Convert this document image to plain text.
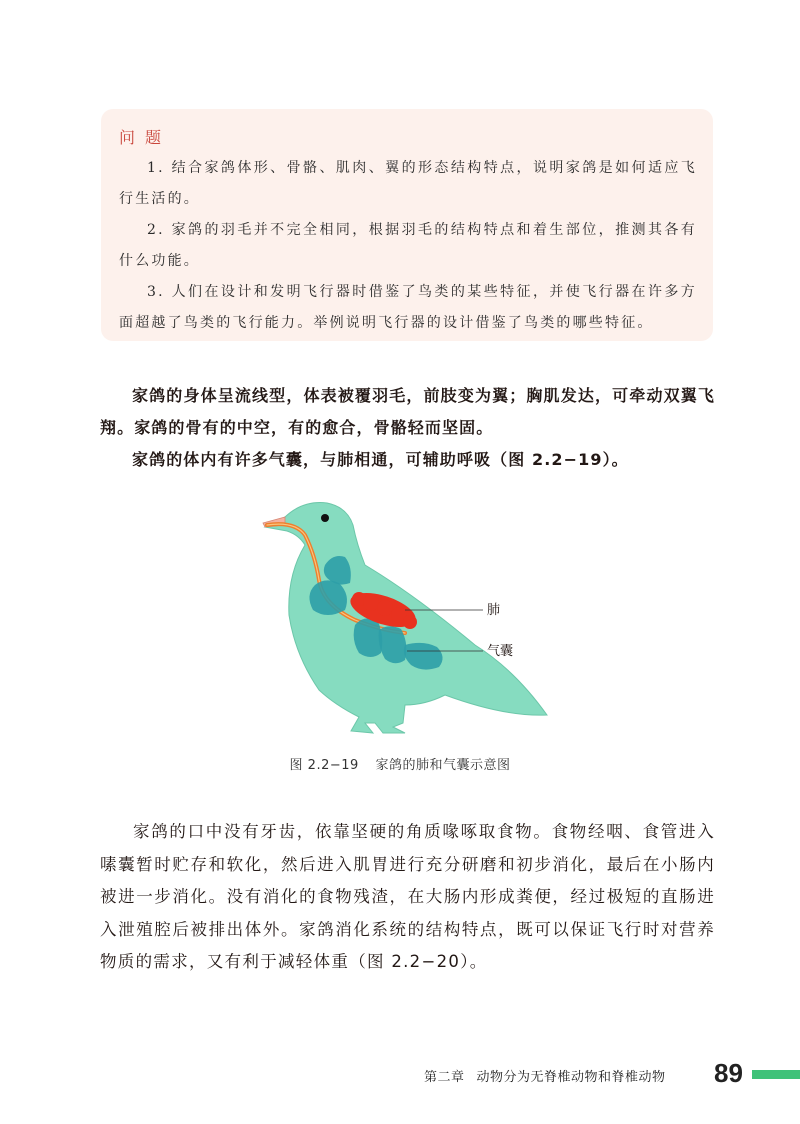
问题

1. 结合家鸽体形、骨骼、肌肉、翼的形态结构特点，说明家鸽是如何适应飞行生活的。

2. 家鸽的羽毛并不完全相同，根据羽毛的结构特点和着生部位，推测其各有什么功能。

3. 人们在设计和发明飞行器时借鉴了鸟类的某些特征，并使飞行器在许多方面超越了鸟类的飞行能力。举例说明飞行器的设计借鉴了鸟类的哪些特征。

家鸽的身体呈流线型，体表被覆羽毛，前肢变为翼；胸肌发达，可牵动双翼飞翔。家鸽的骨有的中空，有的愈合，骨骼轻而坚固。

家鸽的体内有许多气囊，与肺相通，可辅助呼吸（图 2.2−19）。

肺
气囊
图 2.2−19 家鸽的肺和气囊示意图

家鸽的口中没有牙齿，依靠坚硬的角质喙啄取食物。食物经咽、食管进入嗉囊暂时贮存和软化，然后进入肌胃进行充分研磨和初步消化，最后在小肠内被进一步消化。没有消化的食物残渣，在大肠内形成粪便，经过极短的直肠进入泄殖腔后被排出体外。家鸽消化系统的结构特点，既可以保证飞行时对营养物质的需求，又有利于减轻体重（图 2.2−20）。

第二章 动物分为无脊椎动物和脊椎动物	89
